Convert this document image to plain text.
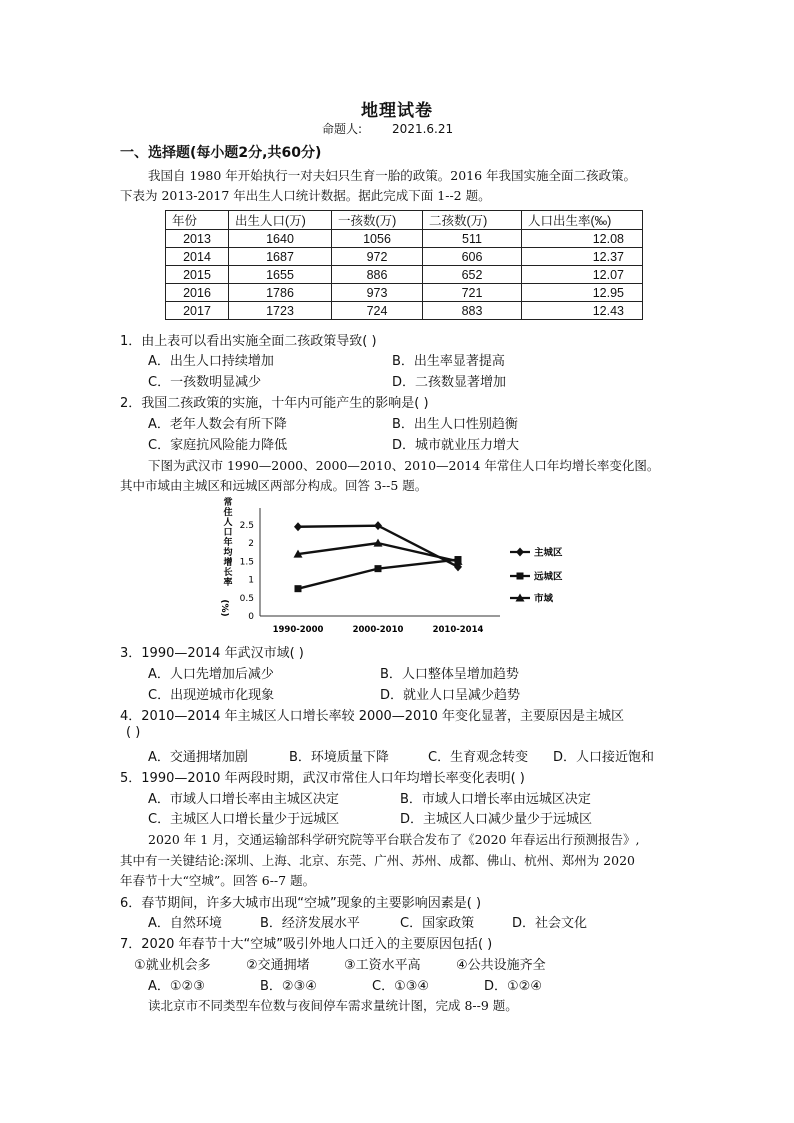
地理试卷
命题人:	2021.6.21
一、选择题(每小题2分,共60分)
我国自 1980 年开始执行一对夫妇只生育一胎的政策。2016 年我国实施全面二孩政策。
下表为 2013-2017 年出生人口统计数据。据此完成下面 1--2 题。
年份	出生人口(万)	一孩数(万)	二孩数(万)	人口出生率(‰)
2013	1640	1056	511	12.08
2014	1687	972	606	12.37
2015	1655	886	652	12.07
2016	1786	973	721	12.95
2017	1723	724	883	12.43
1．由上表可以看出实施全面二孩政策导致( )
A．出生人口持续增加	B．出生率显著提高
C．一孩数明显减少	D．二孩数显著增加
2．我国二孩政策的实施，十年内可能产生的影响是( )
A．老年人数会有所下降	B．出生人口性别趋衡
C．家庭抗风险能力降低	D．城市就业压力增大
下图为武汉市 1990—2000、2000—2010、2010—2014 年常住人口年均增长率变化图。
其中市域由主城区和远城区两部分构成。回答 3--5 题。
常
住
人
口
年
均
增
长
率
(%)
0
0.5
1
1.5
2
2.5
1990-2000	2000-2010	2010-2014
主城区
远城区
市域
3．1990—2014 年武汉市域( )
A．人口先增加后减少	B．人口整体呈增加趋势
C．出现逆城市化现象	D．就业人口呈减少趋势
4．2010—2014 年主城区人口增长率较 2000—2010 年变化显著，主要原因是主城区
( )
A．交通拥堵加剧	B．环境质量下降	C．生育观念转变 D．人口接近饱和
5．1990—2010 年两段时期，武汉市常住人口年均增长率变化表明( )
A．市域人口增长率由主城区决定	B．市域人口增长率由远城区决定
C．主城区人口增长量少于远城区	D．主城区人口减少量少于远城区
2020 年 1 月，交通运输部科学研究院等平台联合发布了《2020 年春运出行预测报告》,
其中有一关键结论:深圳、上海、北京、东莞、广州、苏州、成都、佛山、杭州、郑州为 2020
年春节十大“空城”。回答 6--7 题。
6．春节期间，许多大城市出现“空城”现象的主要影响因素是( )
A．自然环境	B．经济发展水平	C．国家政策	D．社会文化
7．2020 年春节十大“空城”吸引外地人口迁入的主要原因包括( )
①就业机会多	②交通拥堵	③工资水平高	④公共设施齐全
A．①②③	B．②③④	C．①③④	D．①②④
读北京市不同类型车位数与夜间停车需求量统计图，完成 8--9 题。
